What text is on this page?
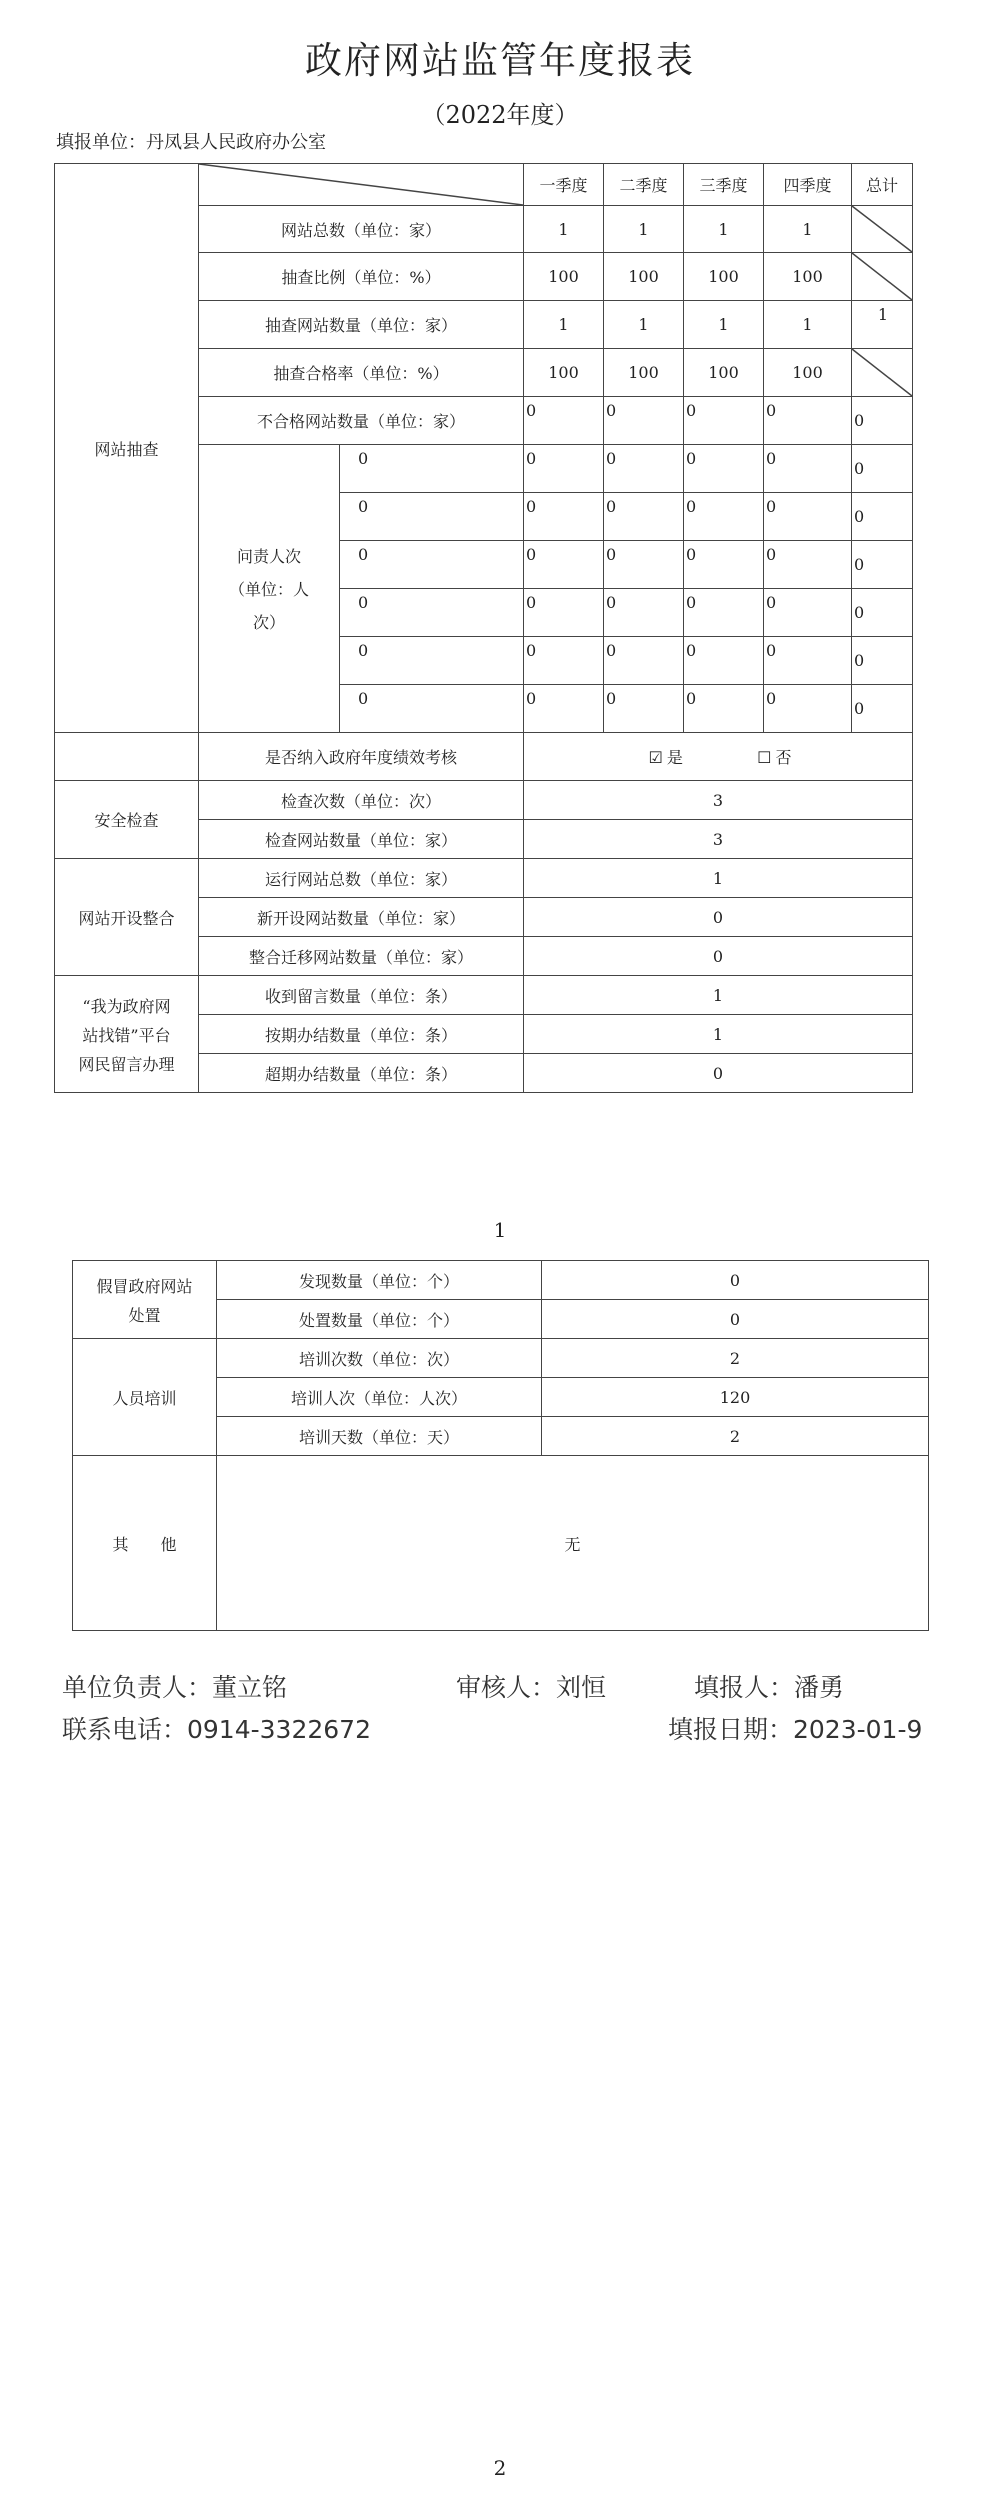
政府网站监管年度报表
（2022年度）
填报单位：丹凤县人民政府办公室
网站抽查			一季度	二季度	三季度	四季度	总计
	网站总数（单位：家）		1	1	1	1	

	抽查比例（单位：%）		100	100	100	100	

	抽查网站数量（单位：家）		1	1	1	1	1
	抽查合格率（单位：%）		100	100	100	100	

	不合格网站数量（单位：家）		0	0	0	0	0

	问责人次
（单位：人
次）	0	0	0	0	0	0
		0	0	0	0	0	0
		0	0	0	0	0	0
		0	0	0	0	0	0
		0	0	0	0	0	0
		0	0	0	0	0	0
	是否纳入政府年度绩效考核		☑ 是 ☐ 否				
安全检查	检查次数（单位：次）		3				
	检查网站数量（单位：家）		3				
网站开设整合	运行网站总数（单位：家）		1				
	新开设网站数量（单位：家）		0				
	整合迁移网站数量（单位：家）		0				

“我为政府网
站找错”平台
网民留言办理	收到留言数量（单位：条）		1				
	按期办结数量（单位：条）		1				
	超期办结数量（单位：条）		0				
1
假冒政府网站
处置	发现数量（单位：个）	0
	处置数量（单位：个）	0
人员培训	培训次数（单位：次）	2
	培训人次（单位：人次）	120
	培训天数（单位：天）	2
其　　他	无	
单位负责人：董立铭	审核人：刘恒	填报人：潘勇
联系电话：0914-3322672	填报日期：2023-01-9
2
